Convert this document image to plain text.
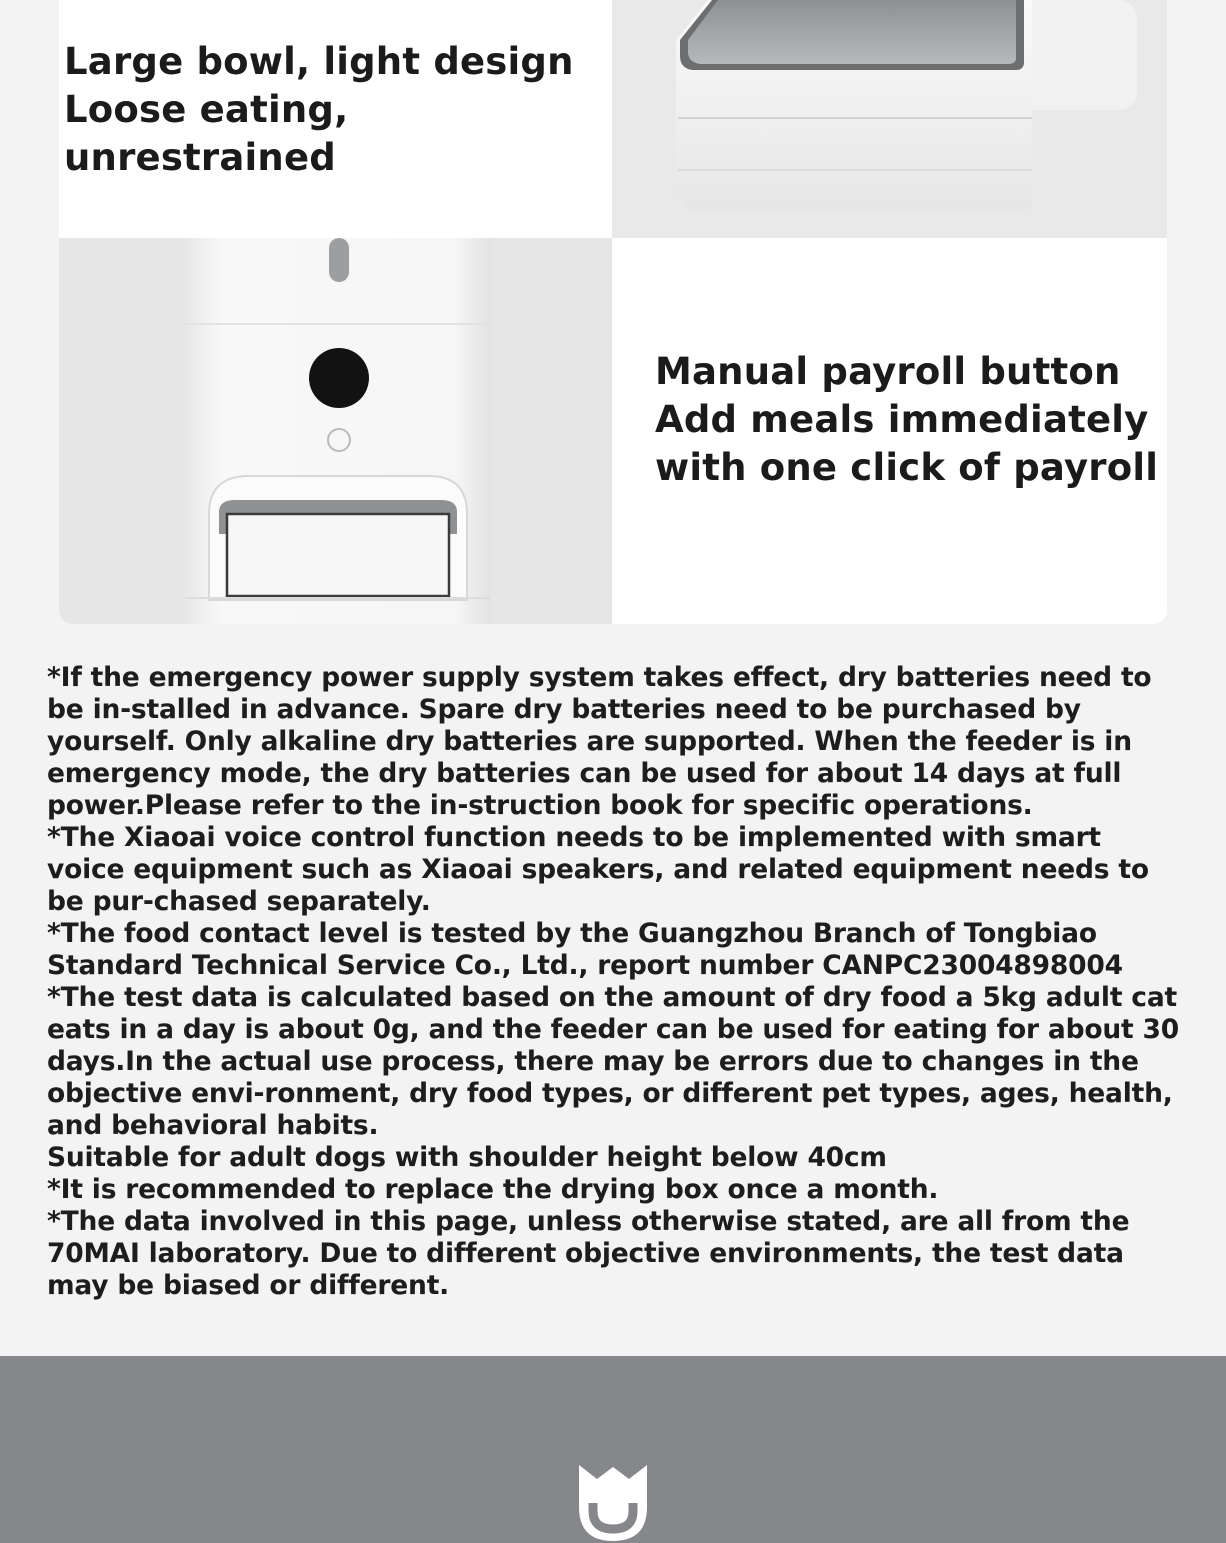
Large bowl, light design
Loose eating, unrestrained
Manual payroll button
Add meals immediately
with one click of payroll

*If the emergency power supply system takes effect, dry batteries need to be in-stalled in advance. Spare dry batteries need to be purchased by yourself. Only alkaline dry batteries are supported. When the feeder is in emergency mode, the dry batteries can be used for about 14 days at full power.Please refer to the in-struction book for specific operations.

*The Xiaoai voice control function needs to be implemented with smart voice equipment such as Xiaoai speakers, and related equipment needs to be pur-chased separately.

*The food contact level is tested by the Guangzhou Branch of Tongbiao Standard Technical Service Co., Ltd., report number CANPC23004898004

*The test data is calculated based on the amount of dry food a 5kg adult cat eats in a day is about 0g, and the feeder can be used for eating for about 30 days.In the actual use process, there may be errors due to changes in the objective envi-ronment, dry food types, or different pet types, ages, health, and behavioral habits.

Suitable for adult dogs with shoulder height below 40cm

*It is recommended to replace the drying box once a month.

*The data involved in this page, unless otherwise stated, are all from the 70MAI laboratory. Due to different objective environments, the test data may be biased or different.
